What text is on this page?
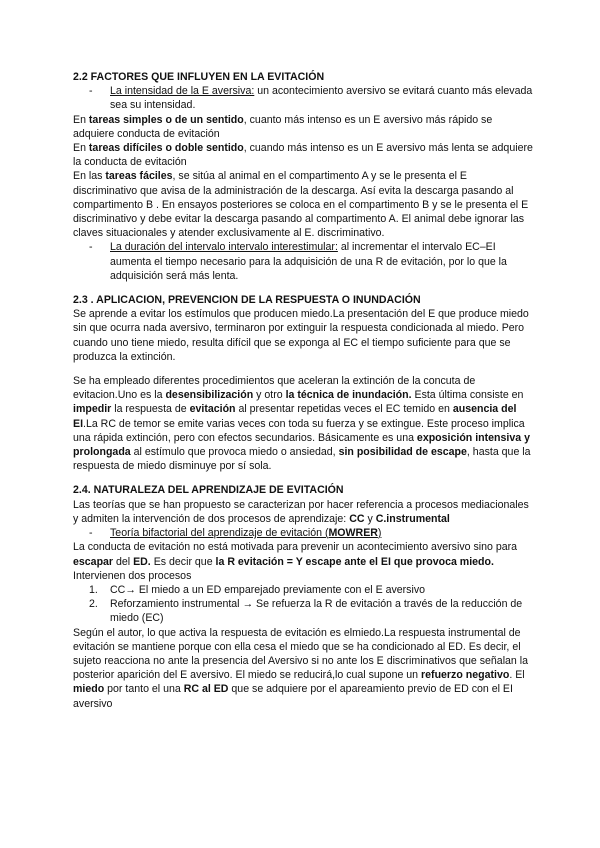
2.2 FACTORES QUE INFLUYEN EN LA EVITACIÓN

- La intensidad de la E aversiva: un acontecimiento aversivo se evitará cuanto más elevada sea su intensidad.

En tareas simples o de un sentido, cuanto más intenso es un E aversivo más rápido se adquiere conducta de evitación

En tareas difíciles o doble sentido, cuando más intenso es un E aversivo más lenta se adquiere la conducta de evitación

En las tareas fáciles, se sitúa al animal en el compartimento A y se le presenta el E discriminativo que avisa de la administración de la descarga. Así evita la descarga pasando al compartimento B . En ensayos posteriores se coloca en el compartimento B y se le presenta el E discriminativo y debe evitar la descarga pasando al compartimento A. El animal debe ignorar las claves situacionales y atender exclusivamente al E. discriminativo.

- La duración del intervalo intervalo interestimular: al incrementar el intervalo EC–EI aumenta el tiempo necesario para la adquisición de una R de evitación, por lo que la adquisición será más lenta.

2.3 . APLICACION, PREVENCION DE LA RESPUESTA O INUNDACIÓN

Se aprende a evitar los estímulos que producen miedo.La presentación del E que produce miedo sin que ocurra nada aversivo, terminaron por extinguir la respuesta condicionada al miedo. Pero cuando uno tiene miedo, resulta difícil que se exponga al EC el tiempo suficiente para que se produzca la extinción.

Se ha empleado diferentes procedimientos que aceleran la extinción de la concuta de evitacion.Uno es la desensibilización y otro la técnica de inundación. Esta última consiste en impedir la respuesta de evitación al presentar repetidas veces el EC temido en ausencia del EI.La RC de temor se emite varias veces con toda su fuerza y se extingue. Este proceso implica una rápida extinción, pero con efectos secundarios. Básicamente es una exposición intensiva y prolongada al estímulo que provoca miedo o ansiedad, sin posibilidad de escape, hasta que la respuesta de miedo disminuye por sí sola.

2.4. NATURALEZA DEL APRENDIZAJE DE EVITACIÓN

Las teorías que se han propuesto se caracterizan por hacer referencia a procesos mediacionales y admiten la intervención de dos procesos de aprendizaje: CC y C.instrumental

- Teoría bifactorial del aprendizaje de evitación (MOWRER)

La conducta de evitación no está motivada para prevenir un acontecimiento aversivo sino para escapar del ED. Es decir que la R evitación = Y escape ante el EI que provoca miedo. Intervienen dos procesos

1. CC→ El miedo a un ED emparejado previamente con el E aversivo

2. Reforzamiento instrumental → Se refuerza la R de evitación a través de la reducción de miedo (EC)

Según el autor, lo que activa la respuesta de evitación es elmiedo.La respuesta instrumental de evitación se mantiene porque con ella cesa el miedo que se ha condicionado al ED. Es decir, el sujeto reacciona no ante la presencia del Aversivo si no ante los E discriminativos que señalan la posterior aparición del E aversivo. El miedo se reducirá,lo cual supone un refuerzo negativo. El miedo por tanto el una RC al ED que se adquiere por el apareamiento previo de ED con el EI aversivo
